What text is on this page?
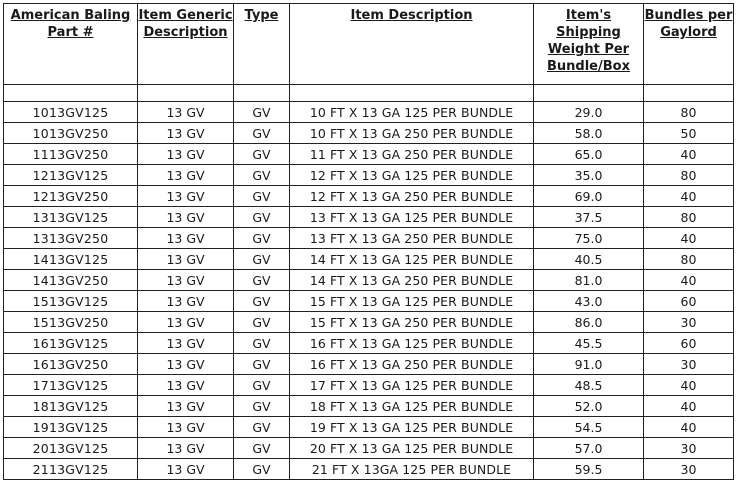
American Baling Part #	Item Generic Description	Type	Item Description	Item's Shipping Weight Per Bundle/Box	Bundles per Gaylord

1013GV125	13 GV	GV	10 FT X 13 GA 125 PER BUNDLE	29.0	80
1013GV250	13 GV	GV	10 FT X 13 GA 250 PER BUNDLE	58.0	50
1113GV250	13 GV	GV	11 FT X 13 GA 250 PER BUNDLE	65.0	40
1213GV125	13 GV	GV	12 FT X 13 GA 125 PER BUNDLE	35.0	80
1213GV250	13 GV	GV	12 FT X 13 GA 250 PER BUNDLE	69.0	40
1313GV125	13 GV	GV	13 FT X 13 GA 125 PER BUNDLE	37.5	80
1313GV250	13 GV	GV	13 FT X 13 GA 250 PER BUNDLE	75.0	40
1413GV125	13 GV	GV	14 FT X 13 GA 125 PER BUNDLE	40.5	80
1413GV250	13 GV	GV	14 FT X 13 GA 250 PER BUNDLE	81.0	40
1513GV125	13 GV	GV	15 FT X 13 GA 125 PER BUNDLE	43.0	60
1513GV250	13 GV	GV	15 FT X 13 GA 250 PER BUNDLE	86.0	30
1613GV125	13 GV	GV	16 FT X 13 GA 125 PER BUNDLE	45.5	60
1613GV250	13 GV	GV	16 FT X 13 GA 250 PER BUNDLE	91.0	30
1713GV125	13 GV	GV	17 FT X 13 GA 125 PER BUNDLE	48.5	40
1813GV125	13 GV	GV	18 FT X 13 GA 125 PER BUNDLE	52.0	40
1913GV125	13 GV	GV	19 FT X 13 GA 125 PER BUNDLE	54.5	40
2013GV125	13 GV	GV	20 FT X 13 GA 125 PER BUNDLE	57.0	30
2113GV125	13 GV	GV	21 FT X 13GA 125 PER BUNDLE	59.5	30
